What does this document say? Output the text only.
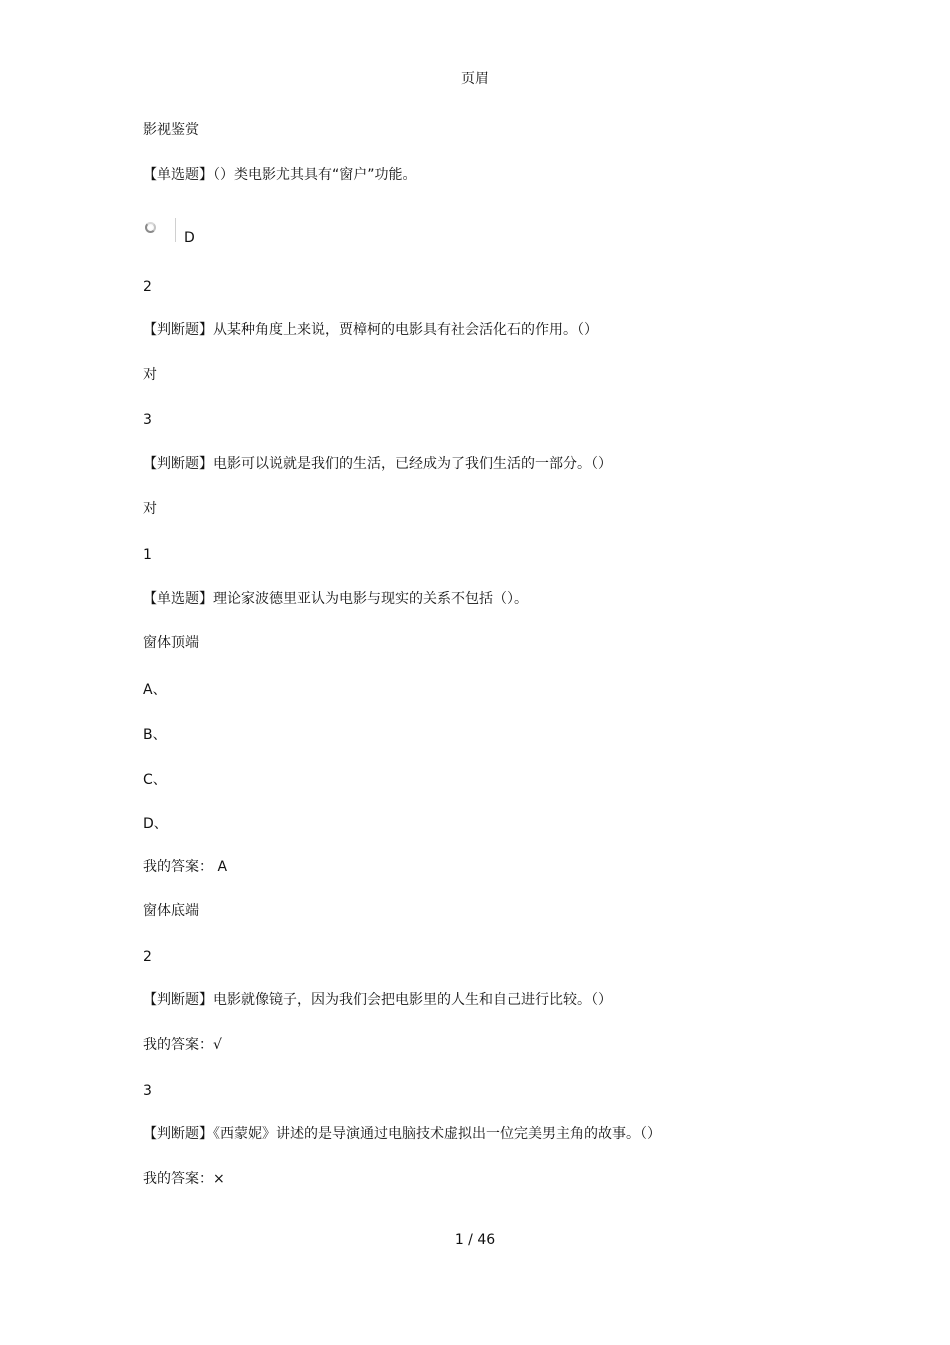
页眉
影视鉴赏
【单选题】（）类电影尤其具有“窗户”功能。
D
2
【判断题】从某种角度上来说，贾樟柯的电影具有社会活化石的作用。（）
对
3
【判断题】电影可以说就是我们的生活，已经成为了我们生活的一部分。（）
对
1
【单选题】理论家波德里亚认为电影与现实的关系不包括（）。
窗体顶端
A、
B、
C、
D、
我的答案： A
窗体底端
2
【判断题】电影就像镜子，因为我们会把电影里的人生和自己进行比较。（）
我的答案：√
3
【判断题】《西蒙妮》讲述的是导演通过电脑技术虚拟出一位完美男主角的故事。（）
我的答案：×
1 / 46
